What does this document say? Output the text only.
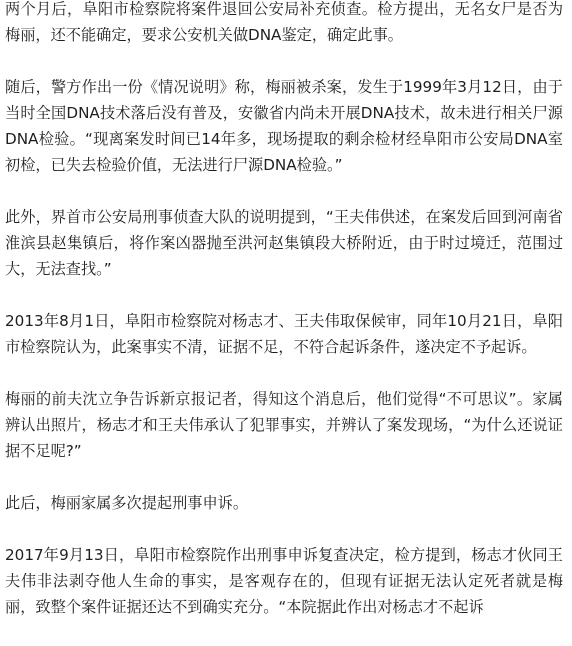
两个月后，阜阳市检察院将案件退回公安局补充侦查。检方提出，无名女尸是否为梅丽，还不能确定，要求公安机关做DNA鉴定，确定此事。

随后，警方作出一份《情况说明》称，梅丽被杀案，发生于1999年3月12日，由于当时全国DNA技术落后没有普及，安徽省内尚未开展DNA技术，故未进行相关尸源DNA检验。“现离案发时间已14年多，现场提取的剩余检材经阜阳市公安局DNA室初检，已失去检验价值，无法进行尸源DNA检验。”

此外，界首市公安局刑事侦查大队的说明提到，“王夫伟供述，在案发后回到河南省淮滨县赵集镇后，将作案凶器抛至洪河赵集镇段大桥附近，由于时过境迁，范围过大，无法查找。”

2013年8月1日，阜阳市检察院对杨志才、王夫伟取保候审，同年10月21日，阜阳市检察院认为，此案事实不清，证据不足，不符合起诉条件，遂决定不予起诉。

梅丽的前夫沈立争告诉新京报记者，得知这个消息后，他们觉得“不可思议”。家属辨认出照片，杨志才和王夫伟承认了犯罪事实，并辨认了案发现场，“为什么还说证据不足呢?”

此后，梅丽家属多次提起刑事申诉。

2017年9月13日，阜阳市检察院作出刑事申诉复查决定，检方提到，杨志才伙同王夫伟非法剥夺他人生命的事实，是客观存在的，但现有证据无法认定死者就是梅丽，致整个案件证据还达不到确实充分。“本院据此作出对杨志才不起诉
